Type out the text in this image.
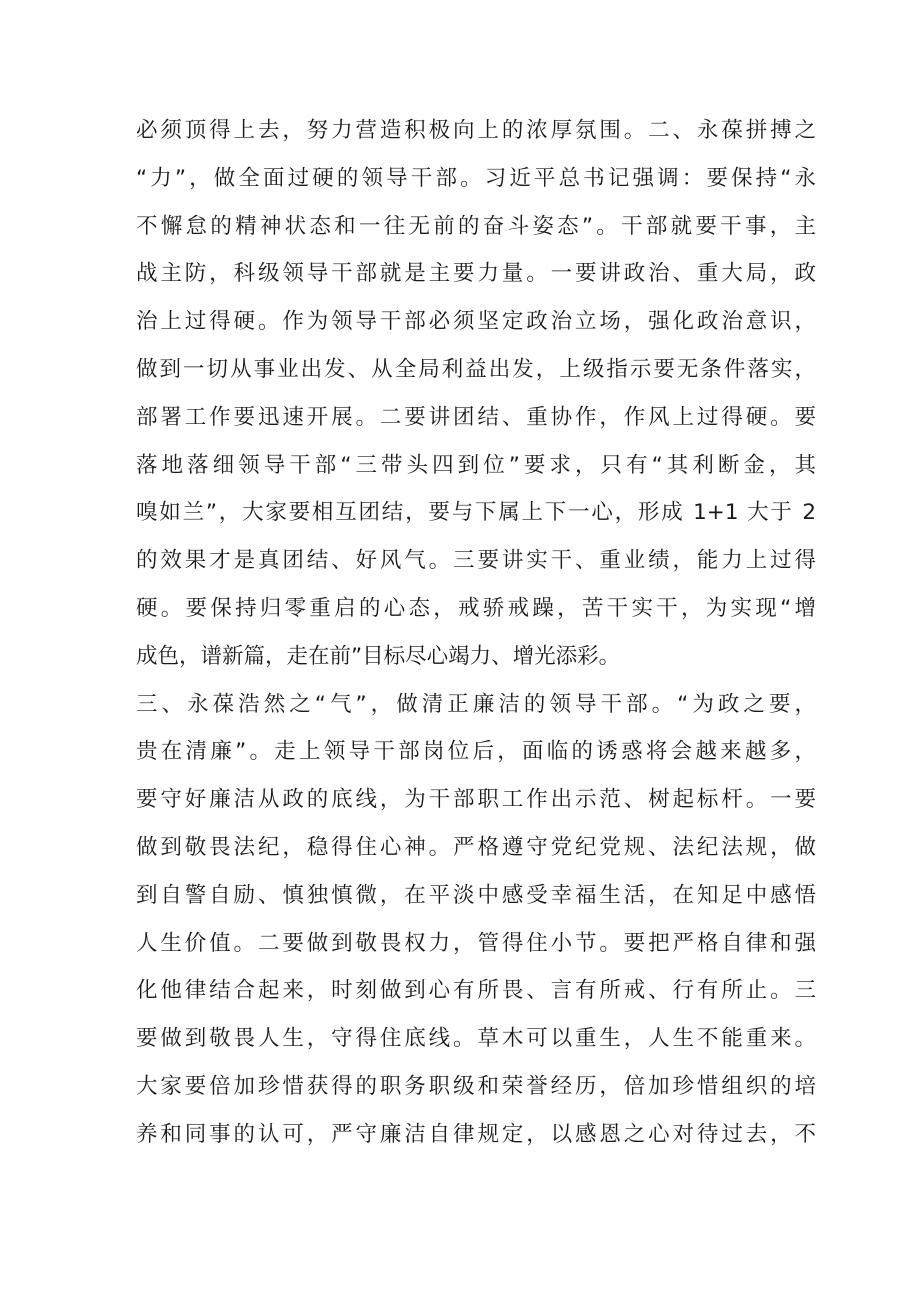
必须顶得上去，努力营造积极向上的浓厚氛围。二、永葆拼搏之
“力”，做全面过硬的领导干部。习近平总书记强调：要保持“永
不懈怠的精神状态和一往无前的奋斗姿态”。干部就要干事，主
战主防，科级领导干部就是主要力量。一要讲政治、重大局，政
治上过得硬。作为领导干部必须坚定政治立场，强化政治意识，
做到一切从事业出发、从全局利益出发，上级指示要无条件落实，
部署工作要迅速开展。二要讲团结、重协作，作风上过得硬。要
落地落细领导干部“三带头四到位”要求，只有“其利断金，其
嗅如兰”，大家要相互团结，要与下属上下一心，形成 1+1 大于 2
的效果才是真团结、好风气。三要讲实干、重业绩，能力上过得
硬。要保持归零重启的心态，戒骄戒躁，苦干实干，为实现“增
成色，谱新篇，走在前”目标尽心竭力、增光添彩。
三、永葆浩然之“气”，做清正廉洁的领导干部。“为政之要，
贵在清廉”。走上领导干部岗位后，面临的诱惑将会越来越多，
要守好廉洁从政的底线，为干部职工作出示范、树起标杆。一要
做到敬畏法纪，稳得住心神。严格遵守党纪党规、法纪法规，做
到自警自励、慎独慎微，在平淡中感受幸福生活，在知足中感悟
人生价值。二要做到敬畏权力，管得住小节。要把严格自律和强
化他律结合起来，时刻做到心有所畏、言有所戒、行有所止。三
要做到敬畏人生，守得住底线。草木可以重生，人生不能重来。
大家要倍加珍惜获得的职务职级和荣誉经历，倍加珍惜组织的培
养和同事的认可，严守廉洁自律规定，以感恩之心对待过去，不
